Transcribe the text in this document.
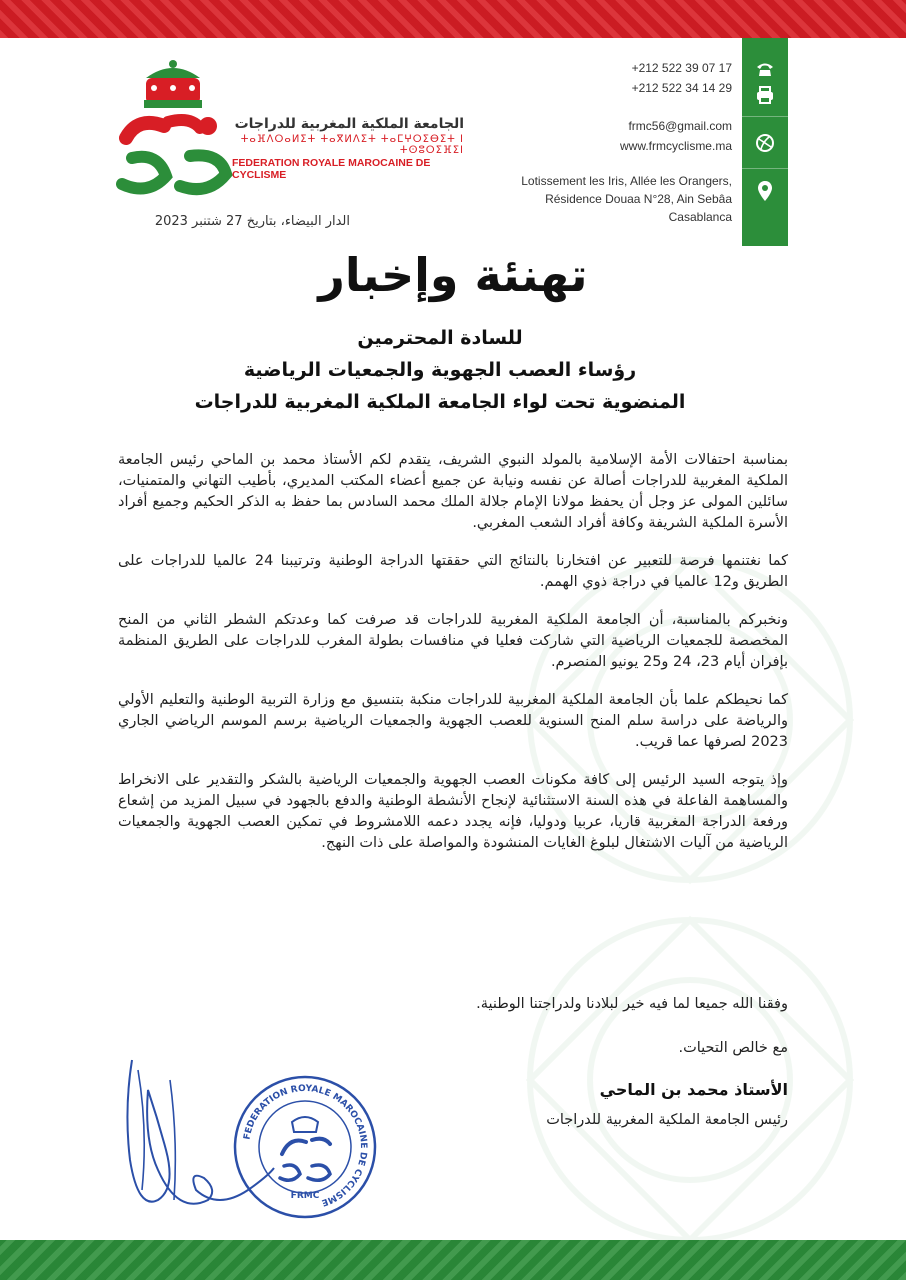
+212 522 39 07 17
+212 522 34 14 29
frmc56@gmail.com
www.frmcyclisme.ma
Lotissement les Iris, Allée les Orangers,
Résidence Douaa N°28, Ain Sebâa
Casablanca
الجامعة الملكية المغربية للدراجات
ⵜⴰⴼⴷⵔⴰⵍⵉⵜ ⵜⴰⴳⵍⴷⵉⵜ ⵜⴰⵎⵖⵔⵉⴱⵉⵜ ⵏ ⵜⵙⵓⵔⵉⴼⵉⵏ
FEDERATION ROYALE MAROCAINE DE CYCLISME
الدار البيضاء، بتاريخ 27 شتنبر 2023
تهنئة وإخبار
للسادة المحترمين
رؤساء العصب الجهوية والجمعيات الرياضية
المنضوية تحت لواء الجامعة الملكية المغربية للدراجات

بمناسبة احتفالات الأمة الإسلامية بالمولد النبوي الشريف، يتقدم لكم الأستاذ محمد بن الماحي رئيس الجامعة الملكية المغربية للدراجات أصالة عن نفسه ونيابة عن جميع أعضاء المكتب المديري، بأطيب التهاني والمتمنيات، سائلين المولى عز وجل أن يحفظ مولانا الإمام جلالة الملك محمد السادس بما حفظ به الذكر الحكيم وجميع أفراد الأسرة الملكية الشريفة وكافة أفراد الشعب المغربي.

كما نغتنمها فرصة للتعبير عن افتخارنا بالنتائج التي حققتها الدراجة الوطنية وترتيبنا 24 عالميا للدراجات على الطريق و12 عالميا في دراجة ذوي الهمم.

ونخبركم بالمناسبة، أن الجامعة الملكية المغربية للدراجات قد صرفت كما وعدتكم الشطر الثاني من المنح المخصصة للجمعيات الرياضية التي شاركت فعليا في منافسات بطولة المغرب للدراجات على الطريق المنظمة بإفران أيام 23، 24 و25 يونيو المنصرم.

كما نحيطكم علما بأن الجامعة الملكية المغربية للدراجات منكبة بتنسيق مع وزارة التربية الوطنية والتعليم الأولي والرياضة على دراسة سلم المنح السنوية للعصب الجهوية والجمعيات الرياضية برسم الموسم الرياضي الجاري 2023 لصرفها عما قريب.

وإذ يتوجه السيد الرئيس إلى كافة مكونات العصب الجهوية والجمعيات الرياضية بالشكر والتقدير على الانخراط والمساهمة الفاعلة في هذه السنة الاستثنائية لإنجاح الأنشطة الوطنية والدفع بالجهود في سبيل المزيد من إشعاع ورفعة الدراجة المغربية قاريا، عربيا ودوليا، فإنه يجدد دعمه اللامشروط في تمكين العصب الجهوية والجمعيات الرياضية من آليات الاشتغال لبلوغ الغايات المنشودة والمواصلة على ذات النهج.

وفقنا الله جميعا لما فيه خير لبلادنا ولدراجتنا الوطنية.
مع خالص التحيات.
الأستاذ محمد بن الماحي
رئيس الجامعة الملكية المغربية للدراجات
FEDERATION ROYALE MAROCAINE DE CYCLISME
FRMC
